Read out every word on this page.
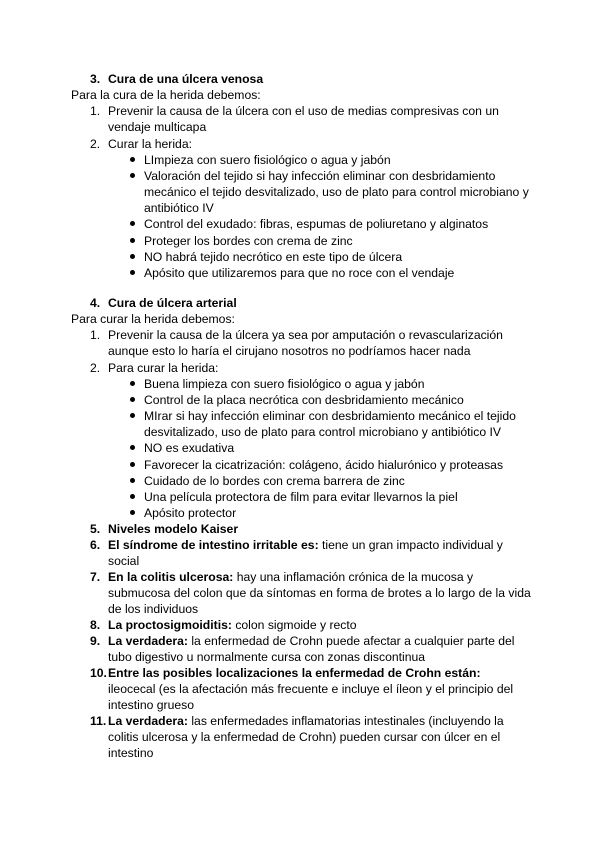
3. Cura de una úlcera venosa
Para la cura de la herida debemos:
1. Prevenir la causa de la úlcera con el uso de medias compresivas con un
vendaje multicapa
2. Curar la herida:
LImpieza con suero fisiológico o agua y jabón
Valoración del tejido si hay infección eliminar con desbridamiento
mecánico el tejido desvitalizado, uso de plato para control microbiano y
antibiótico IV
Control del exudado: fibras, espumas de poliuretano y alginatos
Proteger los bordes con crema de zinc
NO habrá tejido necrótico en este tipo de úlcera
Apósito que utilizaremos para que no roce con el vendaje
4. Cura de úlcera arterial
Para curar la herida debemos:
1. Prevenir la causa de la úlcera ya sea por amputación o revascularización
aunque esto lo haría el cirujano nosotros no podríamos hacer nada
2. Para curar la herida:
Buena limpieza con suero fisiológico o agua y jabón
Control de la placa necrótica con desbridamiento mecánico
MIrar si hay infección eliminar con desbridamiento mecánico el tejido
desvitalizado, uso de plato para control microbiano y antibiótico IV
NO es exudativa
Favorecer la cicatrización: colágeno, ácido hialurónico y proteasas
Cuidado de lo bordes con crema barrera de zinc
Una película protectora de film para evitar llevarnos la piel
Apósito protector
5. Niveles modelo Kaiser
6. El síndrome de intestino irritable es: tiene un gran impacto individual y
social
7. En la colitis ulcerosa: hay una inflamación crónica de la mucosa y
submucosa del colon que da síntomas en forma de brotes a lo largo de la vida
de los individuos
8. La proctosigmoiditis: colon sigmoide y recto
9. La verdadera: la enfermedad de Crohn puede afectar a cualquier parte del
tubo digestivo u normalmente cursa con zonas discontinua
10. Entre las posibles localizaciones la enfermedad de Crohn están:
ileocecal (es la afectación más frecuente e incluye el íleon y el principio del
intestino grueso
11. La verdadera: las enfermedades inflamatorias intestinales (incluyendo la
colitis ulcerosa y la enfermedad de Crohn) pueden cursar con úlcer en el
intestino
